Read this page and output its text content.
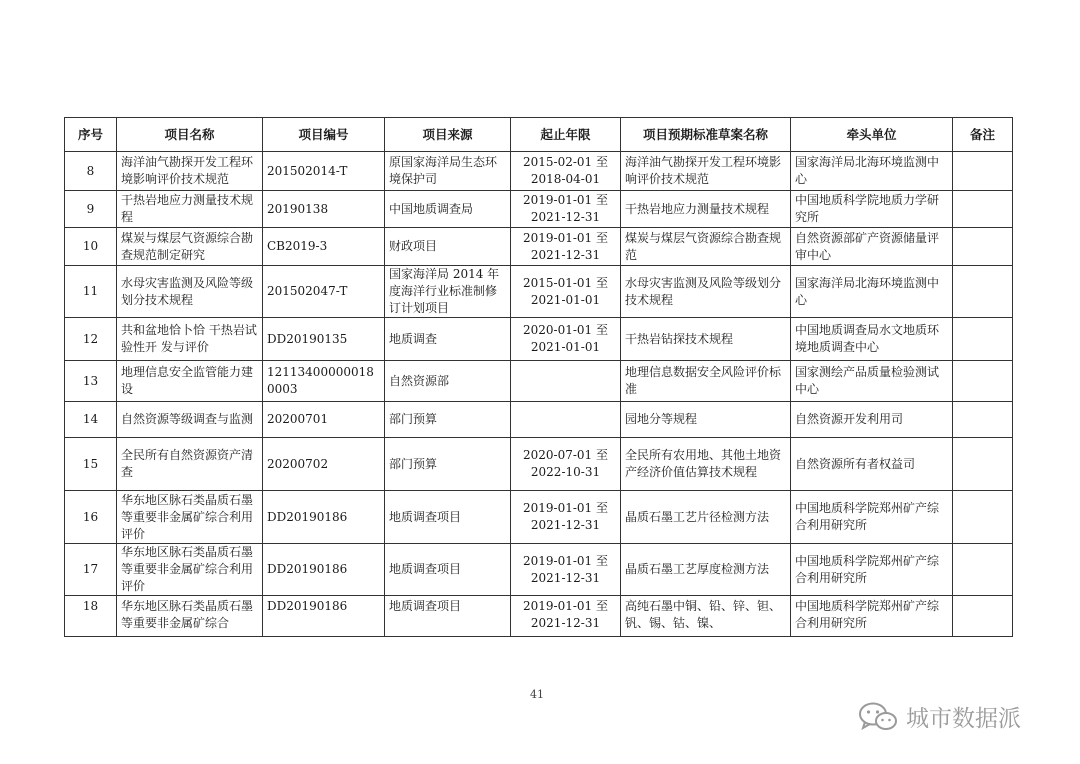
序号	项目名称	项目编号	项目来源	起止年限	项目预期标准草案名称	牵头单位	备注

8	海洋油气勘探开发工程环境影响评价技术规范	201502014-T	原国家海洋局生态环境保护司	2015-02-01 至
2018-04-01	海洋油气勘探开发工程环境影响评价技术规范	国家海洋局北海环境监测中心	

9	干热岩地应力测量技术规程	20190138	中国地质调查局	2019-01-01 至
2021-12-31	干热岩地应力测量技术规程	中国地质科学院地质力学研究所	

10	煤炭与煤层气资源综合勘查规范制定研究	CB2019-3	财政项目	2019-01-01 至
2021-12-31	煤炭与煤层气资源综合勘查规范	自然资源部矿产资源储量评审中心	

11	水母灾害监测及风险等级划分技术规程	201502047-T	国家海洋局 2014 年度海洋行业标准制修订计划项目	2015-01-01 至
2021-01-01	水母灾害监测及风险等级划分技术规程	国家海洋局北海环境监测中心	

12	共和盆地恰卜恰 干热岩试验性开 发与评价	DD20190135	地质调查	2020-01-01 至
2021-01-01	干热岩钻探技术规程	中国地质调查局水文地质环境地质调查中心	

13	地理信息安全监管能力建设	121134000000180003	自然资源部		地理信息数据安全风险评价标准	国家测绘产品质量检验测试中心	

14	自然资源等级调查与监测	20200701	部门预算		园地分等规程	自然资源开发利用司	

15	全民所有自然资源资产清查	20200702	部门预算	2020-07-01 至
2022-10-31	全民所有农用地、其他土地资产经济价值估算技术规程	自然资源所有者权益司	

16	华东地区脉石类晶质石墨等重要非金属矿综合利用评价	DD20190186	地质调查项目	2019-01-01 至
2021-12-31	晶质石墨工艺片径检测方法	中国地质科学院郑州矿产综合利用研究所	

17	华东地区脉石类晶质石墨等重要非金属矿综合利用评价	DD20190186	地质调查项目	2019-01-01 至
2021-12-31	晶质石墨工艺厚度检测方法	中国地质科学院郑州矿产综合利用研究所	

18	华东地区脉石类晶质石墨等重要非金属矿综合	DD20190186	地质调查项目	2019-01-01 至
2021-12-31	高纯石墨中铜、铅、锌、钽、钒、锡、钴、镍、	中国地质科学院郑州矿产综合利用研究所	

41
城市数据派
